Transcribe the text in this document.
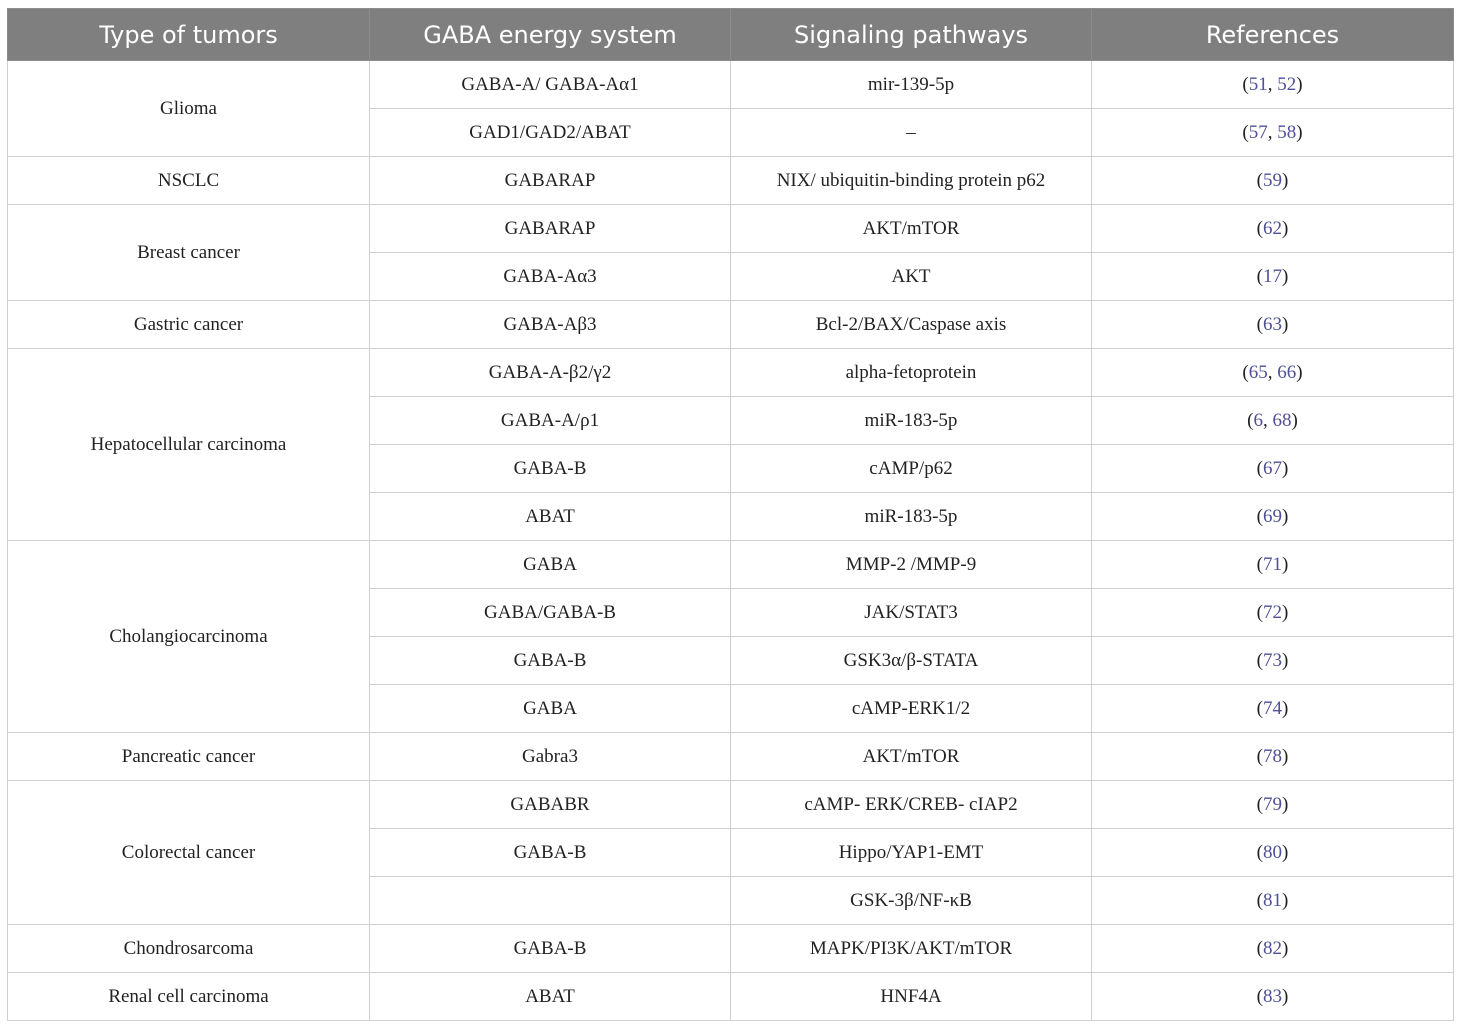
Type of tumors	GABA energy system	Signaling pathways	References
Glioma	GABA-A/ GABA-Aα1	mir-139-5p	(51, 52)
	GAD1/GAD2/ABAT	–	(57, 58)
NSCLC	GABARAP	NIX/ ubiquitin-binding protein p62	(59)
Breast cancer	GABARAP	AKT/mTOR	(62)
	GABA-Aα3	AKT	(17)
Gastric cancer	GABA-Aβ3	Bcl-2/BAX/Caspase axis	(63)
Hepatocellular carcinoma	GABA-A-β2/γ2	alpha-fetoprotein	(65, 66)
	GABA-A/ρ1	miR-183-5p	(6, 68)
	GABA-B	cAMP/p62	(67)
	ABAT	miR-183-5p	(69)
Cholangiocarcinoma	GABA	MMP-2 /MMP-9	(71)
	GABA/GABA-B	JAK/STAT3	(72)
	GABA-B	GSK3α/β-STATA	(73)
	GABA	cAMP-ERK1/2	(74)
Pancreatic cancer	Gabra3	AKT/mTOR	(78)
Colorectal cancer	GABABR	cAMP- ERK/CREB- cIAP2	(79)
	GABA-B	Hippo/YAP1-EMT	(80)
		GSK-3β/NF-κB	(81)
Chondrosarcoma	GABA-B	MAPK/PI3K/AKT/mTOR	(82)
Renal cell carcinoma	ABAT	HNF4A	(83)
